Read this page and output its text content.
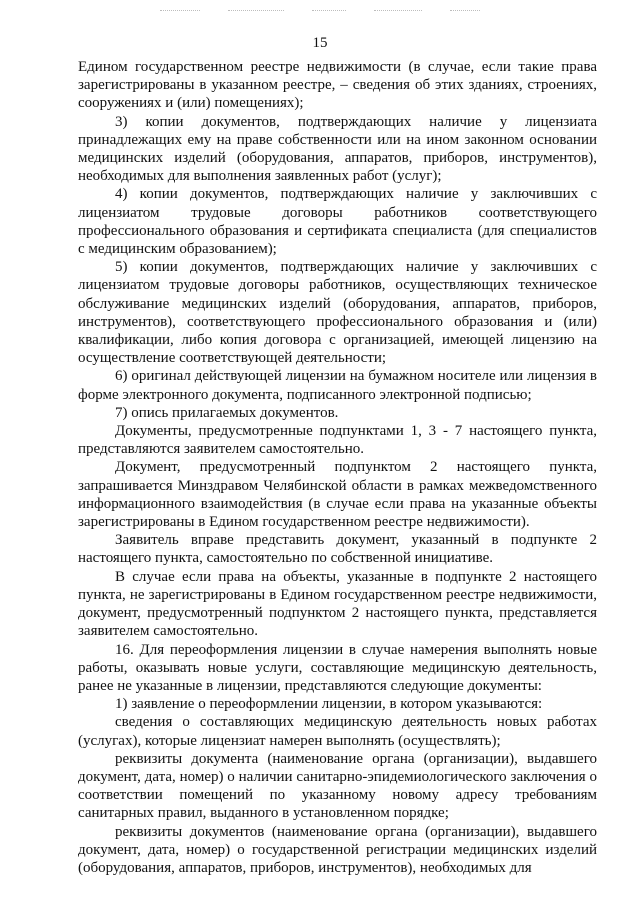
15

Едином государственном реестре недвижимости (в случае, если такие права зарегистрированы в указанном реестре, – сведения об этих зданиях, строениях, сооружениях и (или) помещениях);

3) копии документов, подтверждающих наличие у лицензиата принадлежащих ему на праве собственности или на ином законном основании медицинских изделий (оборудования, аппаратов, приборов, инструментов), необходимых для выполнения заявленных работ (услуг);

4) копии документов, подтверждающих наличие у заключивших с лицензиатом трудовые договоры работников соответствующего профессионального образования и сертификата специалиста (для специалистов с медицинским образованием);

5) копии документов, подтверждающих наличие у заключивших с лицензиатом трудовые договоры работников, осуществляющих техническое обслуживание медицинских изделий (оборудования, аппаратов, приборов, инструментов), соответствующего профессионального образования и (или) квалификации, либо копия договора с организацией, имеющей лицензию на осуществление соответствующей деятельности;

6) оригинал действующей лицензии на бумажном носителе или лицензия в форме электронного документа, подписанного электронной подписью;

7) опись прилагаемых документов.

Документы, предусмотренные подпунктами 1, 3 - 7 настоящего пункта, представляются заявителем самостоятельно.

Документ, предусмотренный подпунктом 2 настоящего пункта, запрашивается Минздравом Челябинской области в рамках межведомственного информационного взаимодействия (в случае если права на указанные объекты зарегистрированы в Едином государственном реестре недвижимости).

Заявитель вправе представить документ, указанный в подпункте 2 настоящего пункта, самостоятельно по собственной инициативе.

В случае если права на объекты, указанные в подпункте 2 настоящего пункта, не зарегистрированы в Едином государственном реестре недвижимости, документ, предусмотренный подпунктом 2 настоящего пункта, представляется заявителем самостоятельно.

16. Для переоформления лицензии в случае намерения выполнять новые работы, оказывать новые услуги, составляющие медицинскую деятельность, ранее не указанные в лицензии, представляются следующие документы:

1) заявление о переоформлении лицензии, в котором указываются:

сведения о составляющих медицинскую деятельность новых работах (услугах), которые лицензиат намерен выполнять (осуществлять);

реквизиты документа (наименование органа (организации), выдавшего документ, дата, номер) о наличии санитарно-эпидемиологического заключения о соответствии помещений по указанному новому адресу требованиям санитарных правил, выданного в установленном порядке;

реквизиты документов (наименование органа (организации), выдавшего документ, дата, номер) о государственной регистрации медицинских изделий (оборудования, аппаратов, приборов, инструментов), необходимых для
